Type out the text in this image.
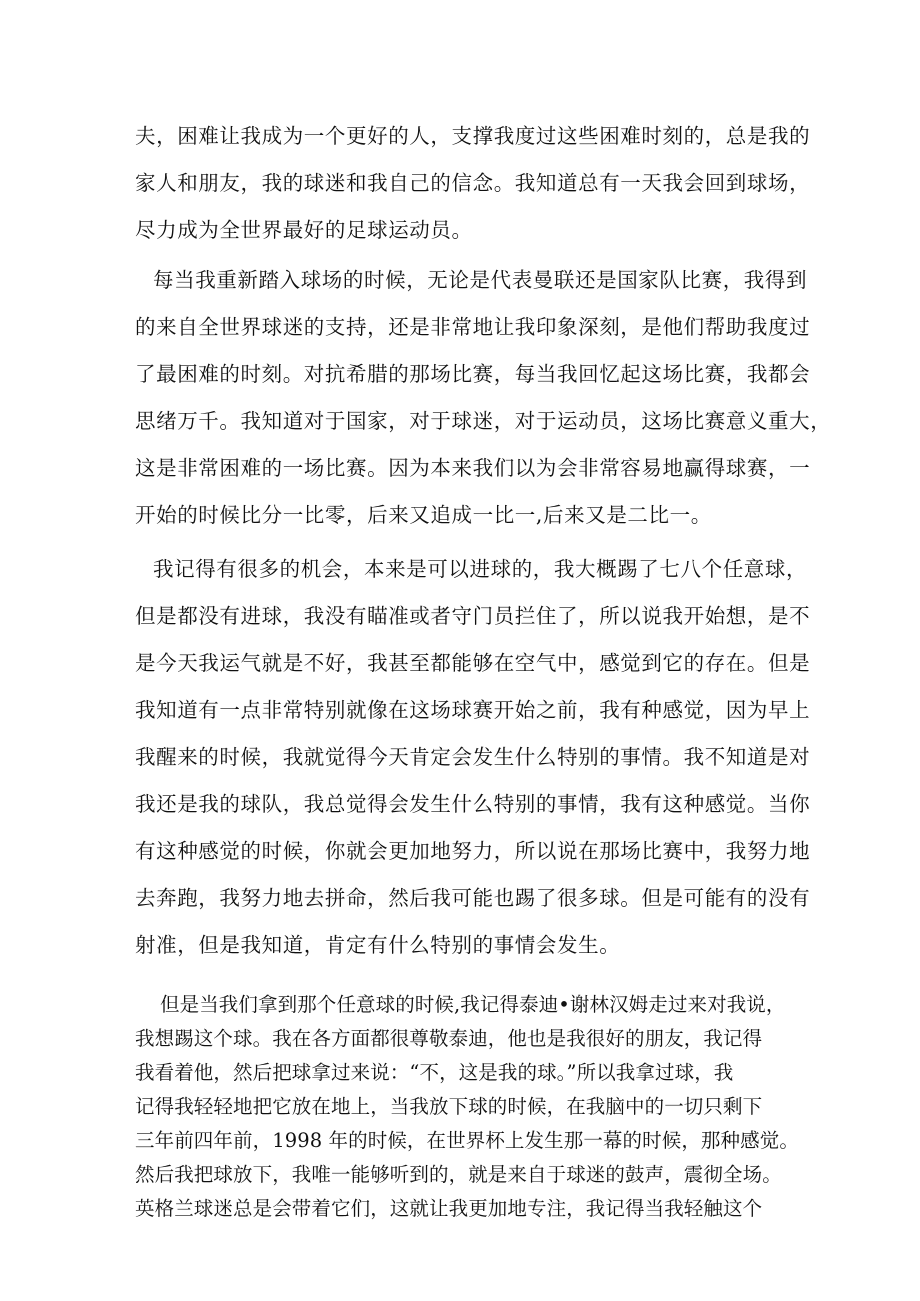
夫，困难让我成为一个更好的人，支撑我度过这些困难时刻的，总是我的
家人和朋友，我的球迷和我自己的信念。我知道总有一天我会回到球场，
尽力成为全世界最好的足球运动员。
每当我重新踏入球场的时候，无论是代表曼联还是国家队比赛，我得到
的来自全世界球迷的支持，还是非常地让我印象深刻，是他们帮助我度过
了最困难的时刻。对抗希腊的那场比赛，每当我回忆起这场比赛，我都会
思绪万千。我知道对于国家，对于球迷，对于运动员，这场比赛意义重大，
这是非常困难的一场比赛。因为本来我们以为会非常容易地赢得球赛，一
开始的时候比分一比零，后来又追成一比一,后来又是二比一。
我记得有很多的机会，本来是可以进球的，我大概踢了七八个任意球，
但是都没有进球，我没有瞄准或者守门员拦住了，所以说我开始想，是不
是今天我运气就是不好，我甚至都能够在空气中，感觉到它的存在。但是
我知道有一点非常特别就像在这场球赛开始之前，我有种感觉，因为早上
我醒来的时候，我就觉得今天肯定会发生什么特别的事情。我不知道是对
我还是我的球队，我总觉得会发生什么特别的事情，我有这种感觉。当你
有这种感觉的时候，你就会更加地努力，所以说在那场比赛中，我努力地
去奔跑，我努力地去拼命，然后我可能也踢了很多球。但是可能有的没有
射准，但是我知道，肯定有什么特别的事情会发生。
但是当我们拿到那个任意球的时候,我记得泰迪•谢林汉姆走过来对我说，
我想踢这个球。我在各方面都很尊敬泰迪，他也是我很好的朋友，我记得
我看着他，然后把球拿过来说：“不，这是我的球。”所以我拿过球，我
记得我轻轻地把它放在地上，当我放下球的时候，在我脑中的一切只剩下
三年前四年前，1998 年的时候，在世界杯上发生那一幕的时候，那种感觉。
然后我把球放下，我唯一能够听到的，就是来自于球迷的鼓声，震彻全场。
英格兰球迷总是会带着它们，这就让我更加地专注，我记得当我轻触这个
